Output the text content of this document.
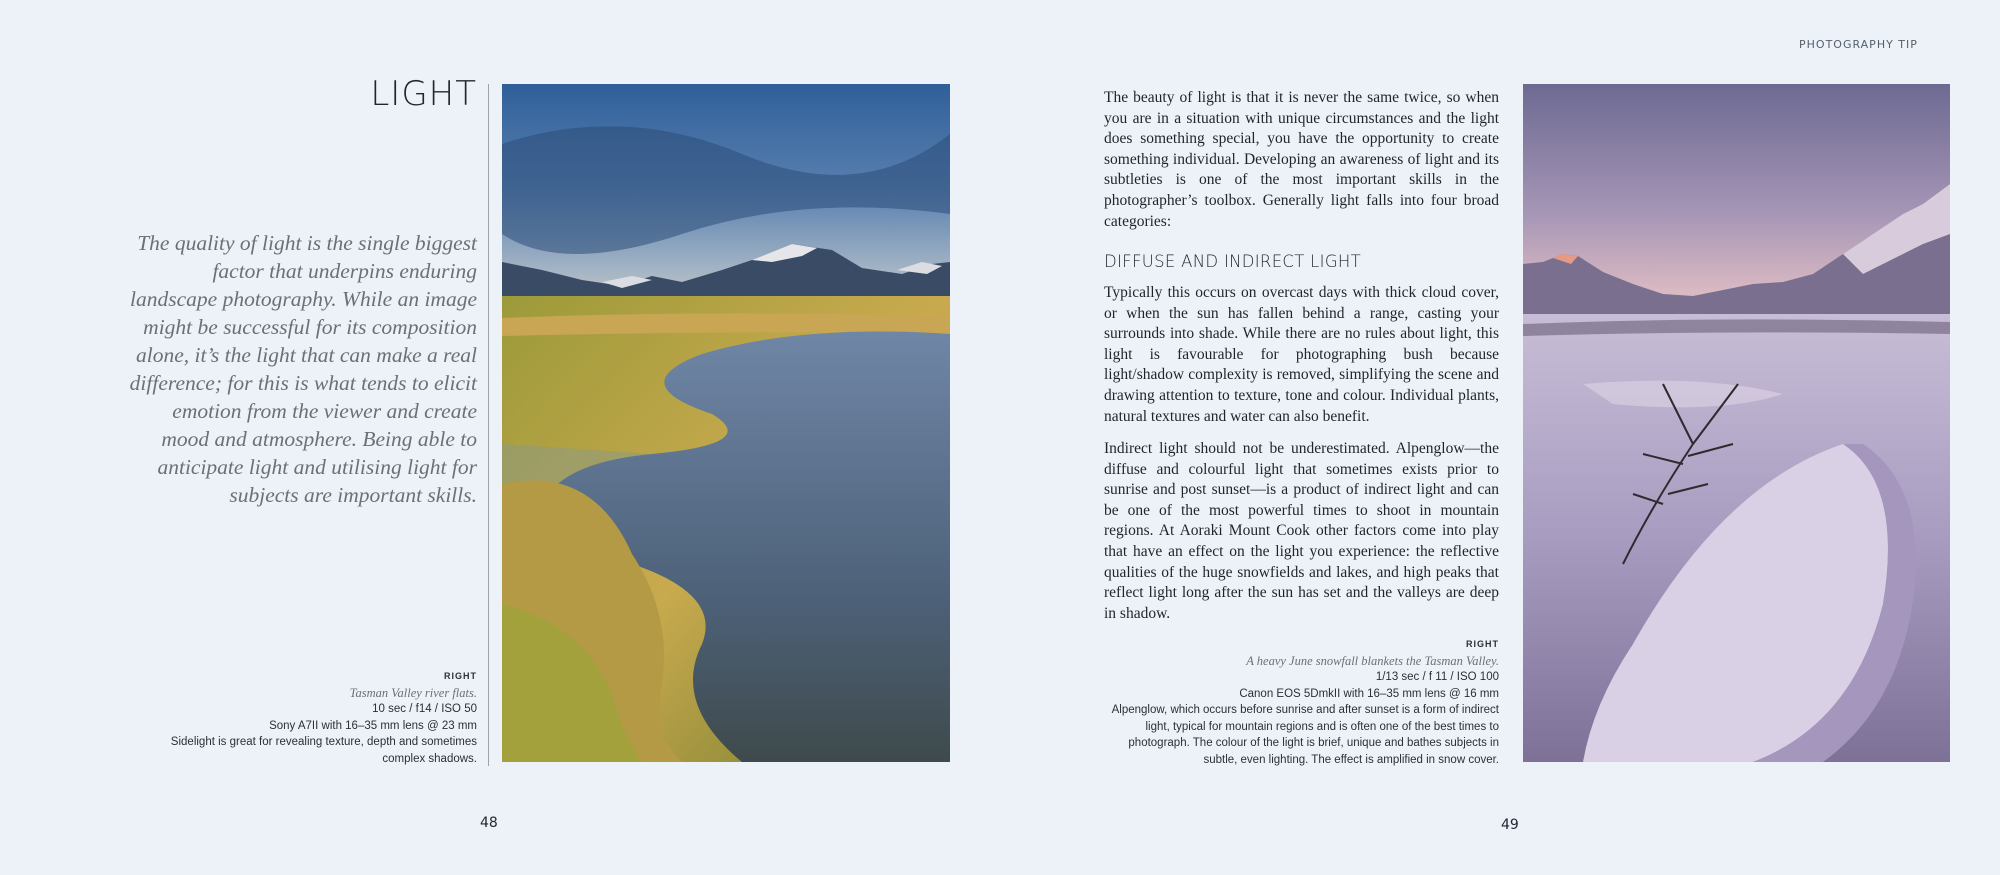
LIGHT

The quality of light is the single biggest factor that underpins enduring landscape photography. While an image might be successful for its composition alone, it’s the light that can make a real difference; for this is what tends to elicit emotion from the viewer and create mood and atmosphere. Being able to anticipate light and utilising light for subjects are important skills.

RIGHT
Tasman Valley river flats.
10 sec / f14 / ISO 50
Sony A7II with 16–35 mm lens @ 23 mm
Sidelight is great for revealing texture, depth and sometimes complex shadows.
48
PHOTOGRAPHY TIP

The beauty of light is that it is never the same twice, so when you are in a situation with unique circumstances and the light does something special, you have the opportunity to create something individual. Developing an awareness of light and its subtleties is one of the most important skills in the photographer’s toolbox. Generally light falls into four broad categories:

DIFFUSE AND INDIRECT LIGHT

Typically this occurs on overcast days with thick cloud cover, or when the sun has fallen behind a range, casting your surrounds into shade. While there are no rules about light, this light is favourable for photographing bush because light/shadow complexity is removed, simplifying the scene and drawing attention to texture, tone and colour. Individual plants, natural textures and water can also benefit.

Indirect light should not be underestimated. Alpenglow—the diffuse and colourful light that sometimes exists prior to sunrise and post sunset—is a product of indirect light and can be one of the most powerful times to shoot in mountain regions. At Aoraki Mount Cook other factors come into play that have an effect on the light you experience: the reflective qualities of the huge snowfields and lakes, and high peaks that reflect light long after the sun has set and the valleys are deep in shadow.

RIGHT
A heavy June snowfall blankets the Tasman Valley.
1/13 sec / f 11 / ISO 100
Canon EOS 5DmkII with 16–35 mm lens @ 16 mm
Alpenglow, which occurs before sunrise and after sunset is a form of indirect light, typical for mountain regions and is often one of the best times to photograph. The colour of the light is brief, unique and bathes subjects in subtle, even lighting. The effect is amplified in snow cover.
49
